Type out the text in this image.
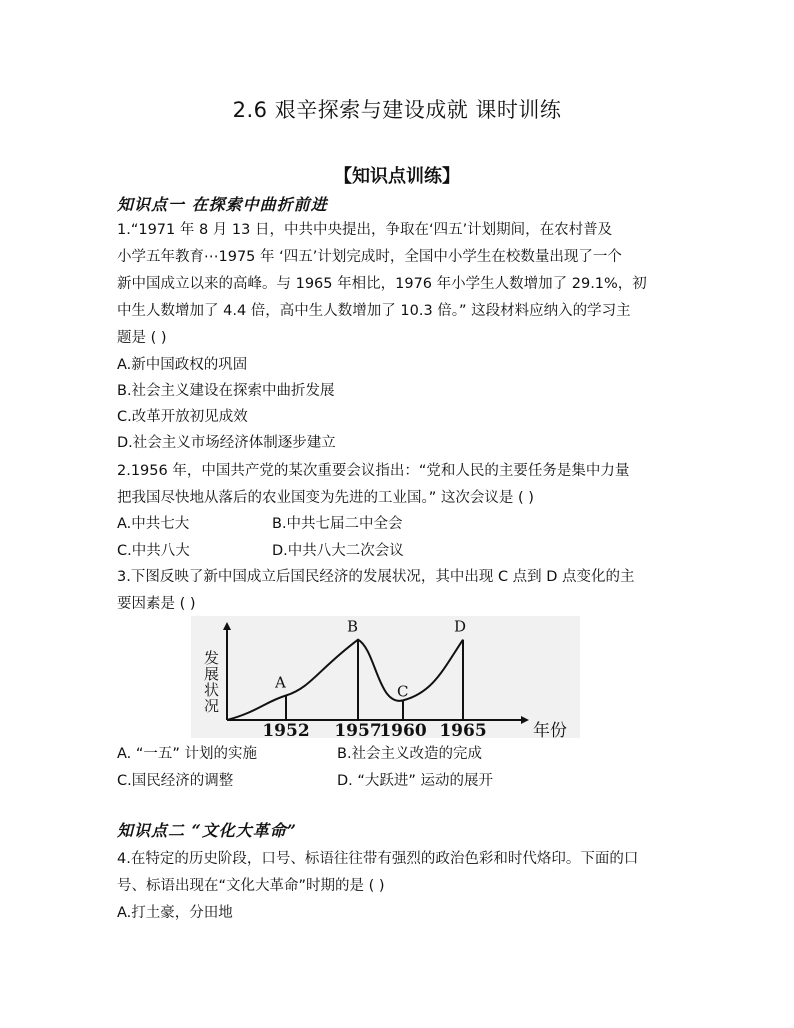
2.6 艰辛探索与建设成就 课时训练
【知识点训练】
知识点一 在探索中曲折前进
1.“1971 年 8 月 13 日，中共中央提出，争取在‘四五’计划期间，在农村普及
小学五年教育⋯1975 年 ‘四五’计划完成时，全国中小学生在校数量出现了一个
新中国成立以来的高峰。与 1965 年相比，1976 年小学生人数增加了 29.1%，初
中生人数增加了 4.4 倍，高中生人数增加了 10.3 倍。” 这段材料应纳入的学习主
题是 ( )
A.新中国政权的巩固
B.社会主义建设在探索中曲折发展
C.改革开放初见成效
D.社会主义市场经济体制逐步建立
2.1956 年，中国共产党的某次重要会议指出：“党和人民的主要任务是集中力量
把我国尽快地从落后的农业国变为先进的工业国。” 这次会议是 ( )
A.中共七大	B.中共七届二中全会
C.中共八大	D.中共八大二次会议
3.下图反映了新中国成立后国民经济的发展状况，其中出现 C 点到 D 点变化的主
要因素是 ( )
发展状况	A
B
C
D
1952 1957
1960 1965	年份
A. “一五” 计划的实施	B.社会主义改造的完成
C.国民经济的调整	D. “大跃进” 运动的展开
知识点二 “文化大革命”
4.在特定的历史阶段，口号、标语往往带有强烈的政治色彩和时代烙印。下面的口
号、标语出现在“文化大革命”时期的是 ( )
A.打土豪，分田地
